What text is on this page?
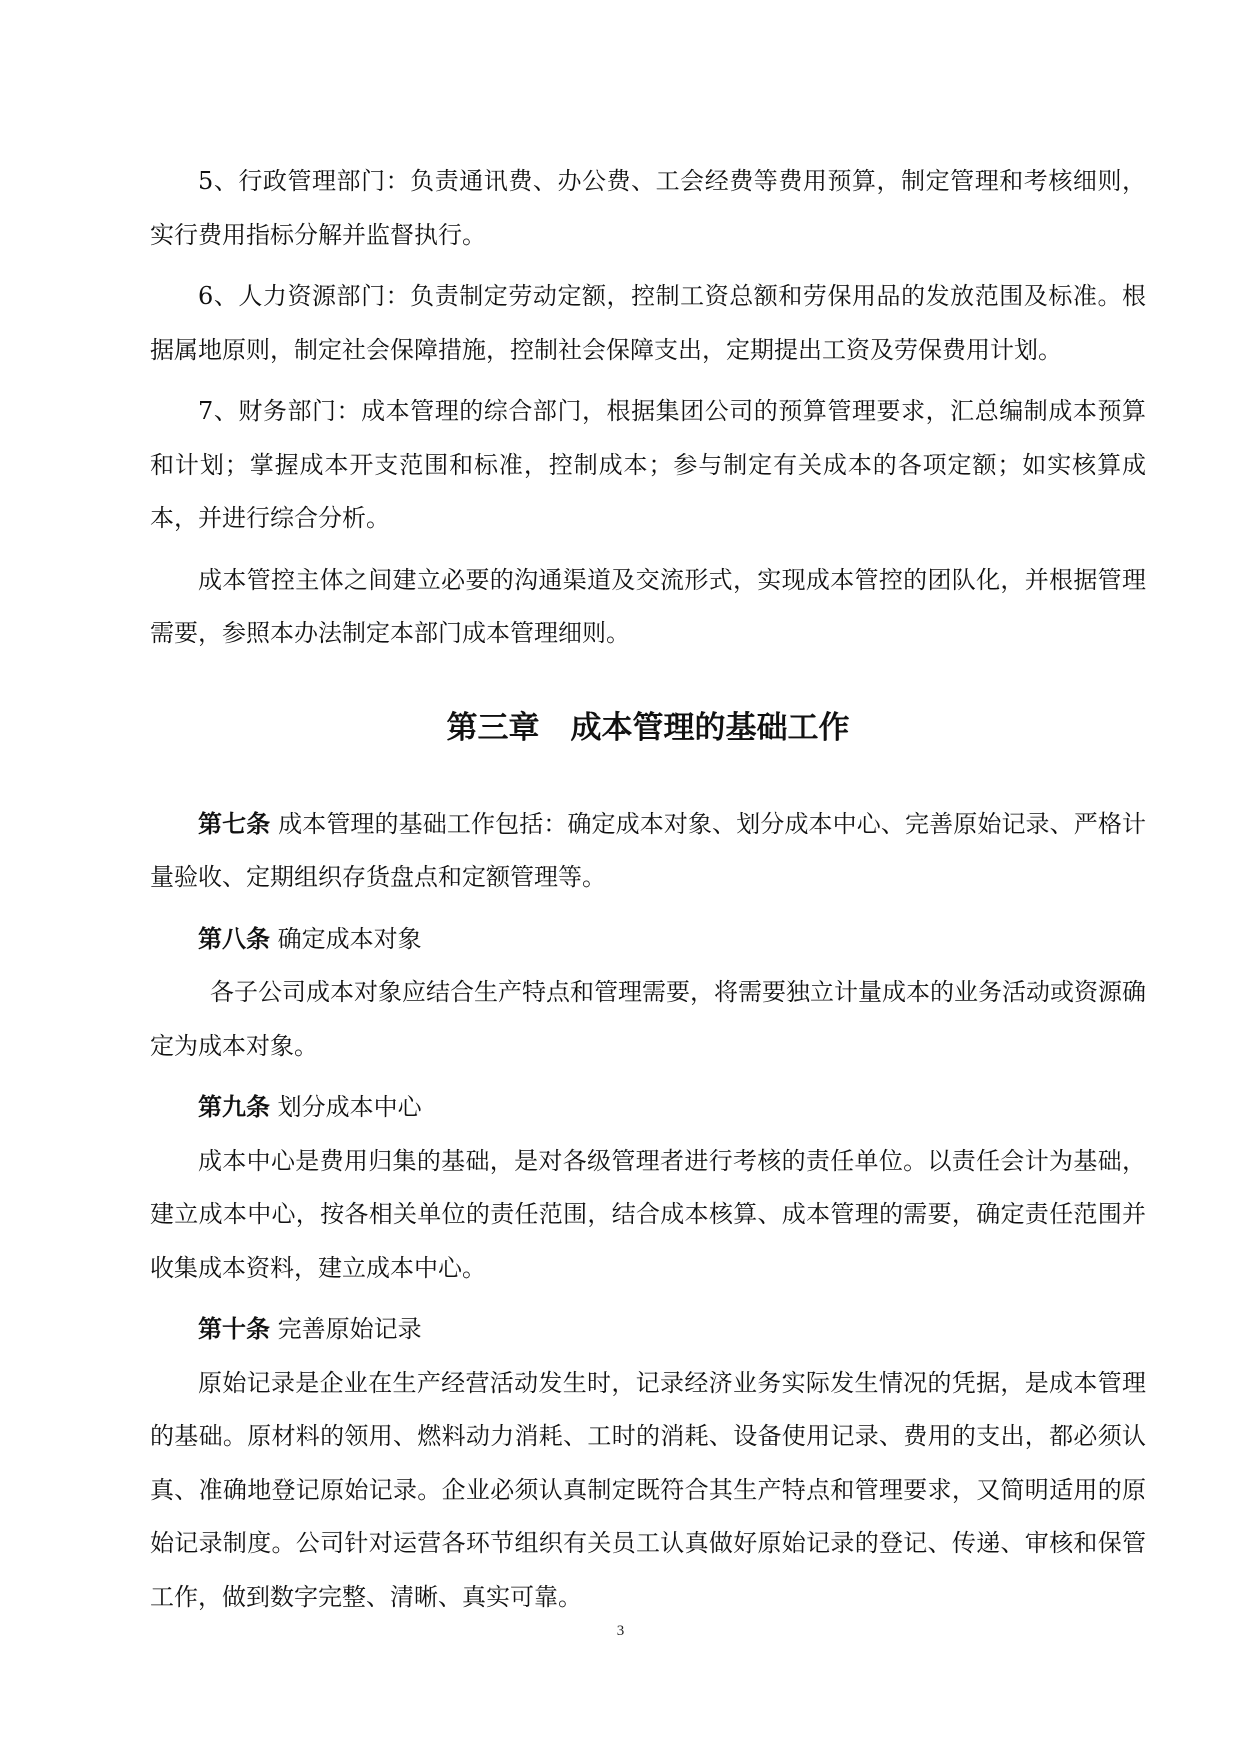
5、行政管理部门：负责通讯费、办公费、工会经费等费用预算，制定管理和考核细则，实行费用指标分解并监督执行。

6、人力资源部门：负责制定劳动定额，控制工资总额和劳保用品的发放范围及标准。根据属地原则，制定社会保障措施，控制社会保障支出，定期提出工资及劳保费用计划。

7、财务部门：成本管理的综合部门，根据集团公司的预算管理要求，汇总编制成本预算和计划；掌握成本开支范围和标准，控制成本；参与制定有关成本的各项定额；如实核算成本，并进行综合分析。

成本管控主体之间建立必要的沟通渠道及交流形式，实现成本管控的团队化，并根据管理需要，参照本办法制定本部门成本管理细则。

第三章　成本管理的基础工作

第七条 成本管理的基础工作包括：确定成本对象、划分成本中心、完善原始记录、严格计量验收、定期组织存货盘点和定额管理等。

第八条 确定成本对象

各子公司成本对象应结合生产特点和管理需要，将需要独立计量成本的业务活动或资源确定为成本对象。

第九条 划分成本中心

成本中心是费用归集的基础，是对各级管理者进行考核的责任单位。以责任会计为基础，建立成本中心，按各相关单位的责任范围，结合成本核算、成本管理的需要，确定责任范围并收集成本资料，建立成本中心。

第十条 完善原始记录

原始记录是企业在生产经营活动发生时，记录经济业务实际发生情况的凭据，是成本管理的基础。原材料的领用、燃料动力消耗、工时的消耗、设备使用记录、费用的支出，都必须认真、准确地登记原始记录。企业必须认真制定既符合其生产特点和管理要求，又简明适用的原始记录制度。公司针对运营各环节组织有关员工认真做好原始记录的登记、传递、审核和保管工作，做到数字完整、清晰、真实可靠。

3
